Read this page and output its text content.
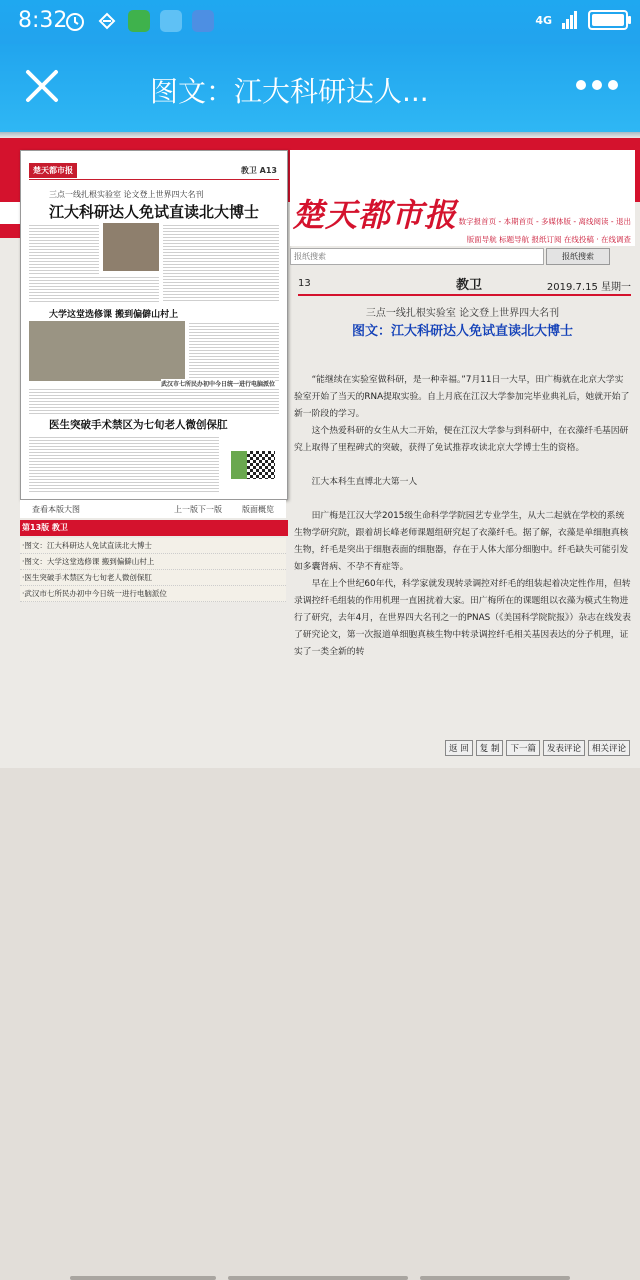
8:32	4G
图文：江大科研达人...
楚天都市报	教卫 A13
三点一线扎根实验室 论文登上世界四大名刊
江大科研达人免试直读北大博士
大学这堂选修课 搬到偏僻山村上
武汉市七所民办初中今日统一进行电脑派位
医生突破手术禁区为七旬老人微创保肛
查看本版大图	上一版 下一版	版面概览
第13版 教卫
·图文：江大科研达人免试直读北大博士
·图文：大学这堂选修课 搬到偏僻山村上
·医生突破手术禁区为七旬老人微创保肛
·武汉市七所民办初中今日统一进行电脑派位
楚天都市报 数字报首页 - 本期首页 - 多媒体版 - 离线阅读 - 退出
版面导航 标题导航 报纸订阅 在线投稿 · 在线调查
报纸搜索
报纸搜索
13	教卫	2019.7.15 星期一
三点一线扎根实验室 论文登上世界四大名刊
图文：江大科研达人免试直读北大博士

　　“能继续在实验室做科研，是一种幸福。”7月11日一大早，田广梅就在北京大学实验室开始了当天的RNA提取实验。自上月底在江汉大学参加完毕业典礼后，她就开始了新一阶段的学习。

　　这个热爱科研的女生从大二开始，便在江汉大学参与到科研中，在衣藻纤毛基因研究上取得了里程碑式的突破，获得了免试推荐攻读北京大学博士生的资格。

　　江大本科生直博北大第一人

　　田广梅是江汉大学2015级生命科学学院园艺专业学生，从大二起就在学校的系统生物学研究院，跟着胡长峰老师课题组研究起了衣藻纤毛。据了解，衣藻是单细胞真核生物，纤毛是突出于细胞表面的细胞器，存在于人体大部分细胞中。纤毛缺失可能引发如多囊肾病、不孕不育症等。

　　早在上个世纪60年代，科学家就发现转录调控对纤毛的组装起着决定性作用，但转录调控纤毛组装的作用机理一直困扰着大家。田广梅所在的课题组以衣藻为模式生物进行了研究，去年4月，在世界四大名刊之一的PNAS（《美国科学院院报》）杂志在线发表了研究论文，第一次报道单细胞真核生物中转录调控纤毛相关基因表达的分子机理，证实了一类全新的转

返 回	复 制	下一篇	发表评论	相关评论
